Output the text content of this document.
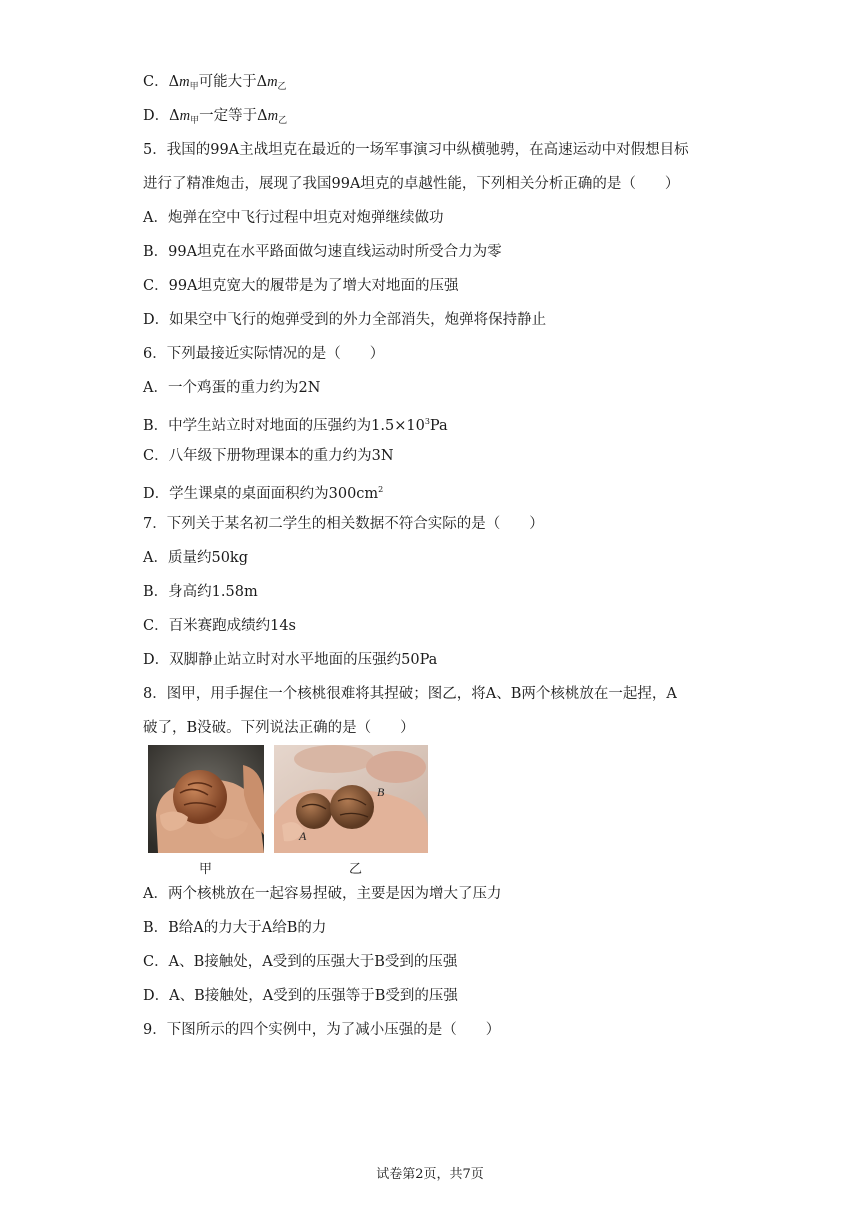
C．$\Delta m_甲$可能大于$\Delta m_乙$
D．$\Delta m_甲$一定等于$\Delta m_乙$
5．我国的99A主战坦克在最近的一场军事演习中纵横驰骋，在高速运动中对假想目标
进行了精准炮击，展现了我国99A坦克的卓越性能，下列相关分析正确的是（　　）
A．炮弹在空中飞行过程中坦克对炮弹继续做功
B．99A坦克在水平路面做匀速直线运动时所受合力为零
C．99A坦克宽大的履带是为了增大对地面的压强
D．如果空中飞行的炮弹受到的外力全部消失，炮弹将保持静止
6．下列最接近实际情况的是（　　）
A．一个鸡蛋的重力约为2N
B．中学生站立时对地面的压强约为$1.5\times 10^3Pa$
C．八年级下册物理课本的重力约为3N
D．学生课桌的桌面面积约为$300cm^2$
7．下列关于某名初二学生的相关数据不符合实际的是（　　）
A．质量约50kg
B．身高约1.58m
C．百米赛跑成绩约14s
D．双脚静止站立时对水平地面的压强约50Pa
8．图甲，用手握住一个核桃很难将其捏破；图乙，将A、B两个核桃放在一起捏，A
破了，B没破。下列说法正确的是（　　）
甲
B
A
乙
A．两个核桃放在一起容易捏破，主要是因为增大了压力
B．B给A的力大于A给B的力
C．A、B接触处，A受到的压强大于B受到的压强
D．A、B接触处，A受到的压强等于B受到的压强
9．下图所示的四个实例中，为了减小压强的是（　　）
试卷第2页，共7页
